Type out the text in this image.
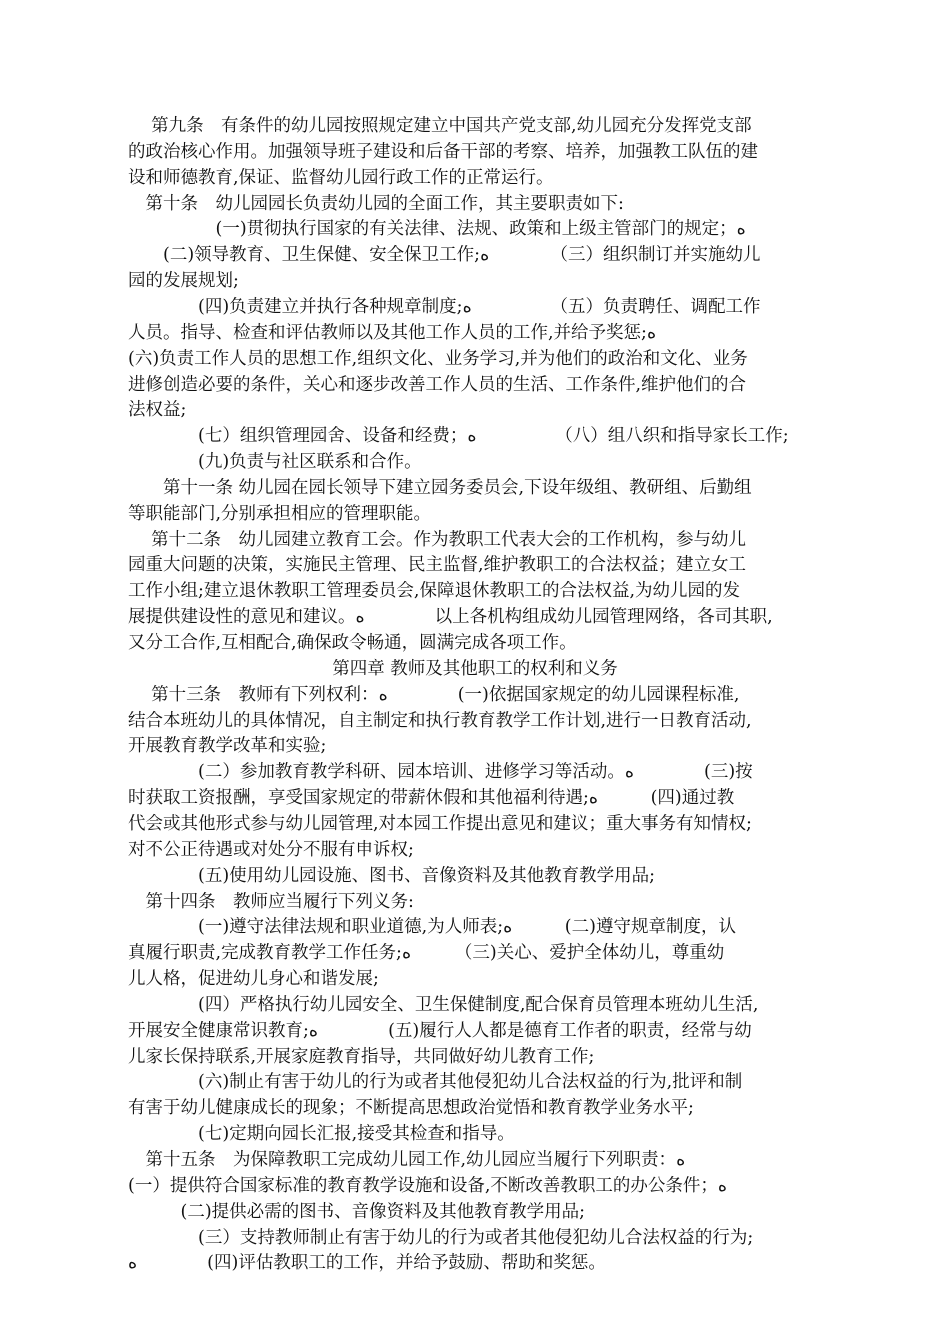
　 第九条　有条件的幼儿园按照规定建立中国共产党支部,幼儿园充分发挥党支部
的政治核心作用。加强领导班子建设和后备干部的考察、培养，加强教工队伍的建
设和师德教育,保证、监督幼儿园行政工作的正常运行。
　第十条　幼儿园园长负责幼儿园的全面工作，其主要职责如下:
　　　　　(一)贯彻执行国家的有关法律、法规、政策和上级主管部门的规定；ه
　　(二)领导教育、卫生保健、安全保卫工作;ه　　　　（三）组织制订并实施幼儿
园的发展规划;
　　　　(四)负责建立并执行各种规章制度;ه　　　　　（五）负责聘任、调配工作
人员。指导、检查和评估教师以及其他工作人员的工作,并给予奖惩;ه
(六)负责工作人员的思想工作,组织文化、业务学习,并为他们的政治和文化、业务
进修创造必要的条件，关心和逐步改善工作人员的生活、工作条件,维护他们的合
法权益;
　　　　(七）组织管理园舍、设备和经费；ه　　　　　（八）组八织和指导家长工作;
　　　　(九)负责与社区联系和合作。
　　第十一条 幼儿园在园长领导下建立园务委员会,下设年级组、教研组、后勤组
等职能部门,分别承担相应的管理职能。
　 第十二条　幼儿园建立教育工会。作为教职工代表大会的工作机构，参与幼儿
园重大问题的决策，实施民主管理、民主监督,维护教职工的合法权益；建立女工
工作小组;建立退休教职工管理委员会,保障退休教职工的合法权益,为幼儿园的发
展提供建设性的意见和建议。ه　　　　以上各机构组成幼儿园管理网络，各司其职,
又分工合作,互相配合,确保政令畅通，圆满完成各项工作。
第四章 教师及其他职工的权利和义务
　 第十三条　教师有下列权利：ه　　　　(一)依据国家规定的幼儿园课程标准,
结合本班幼儿的具体情况，自主制定和执行教育教学工作计划,进行一日教育活动,
开展教育教学改革和实验;
　　　　(二）参加教育教学科研、园本培训、进修学习等活动。ه　　　　(三)按
时获取工资报酬，享受国家规定的带薪休假和其他福利待遇;ه　　　(四)通过教
代会或其他形式参与幼儿园管理,对本园工作提出意见和建议；重大事务有知情权;
对不公正待遇或对处分不服有申诉权;
　　　　(五)使用幼儿园设施、图书、音像资料及其他教育教学用品;
　第十四条　教师应当履行下列义务:
　　　　(一)遵守法律法规和职业道德,为人师表;ه　　　(二)遵守规章制度，认
真履行职责,完成教育教学工作任务;ه　　　（三)关心、爱护全体幼儿，尊重幼
儿人格，促进幼儿身心和谐发展;
　　　　(四）严格执行幼儿园安全、卫生保健制度,配合保育员管理本班幼儿生活,
开展安全健康常识教育;ه　　　　(五)履行人人都是德育工作者的职责，经常与幼
儿家长保持联系,开展家庭教育指导，共同做好幼儿教育工作;
　　　　(六)制止有害于幼儿的行为或者其他侵犯幼儿合法权益的行为,批评和制
有害于幼儿健康成长的现象；不断提高思想政治觉悟和教育教学业务水平;
　　　　(七)定期向园长汇报,接受其检查和指导。
　第十五条　为保障教职工完成幼儿园工作,幼儿园应当履行下列职责：ه
(一）提供符合国家标准的教育教学设施和设备,不断改善教职工的办公条件；ه
　　　(二)提供必需的图书、音像资料及其他教育教学用品;
　　　　(三）支持教师制止有害于幼儿的行为或者其他侵犯幼儿合法权益的行为;
ه　　　　(四)评估教职工的工作，并给予鼓励、帮助和奖惩。
